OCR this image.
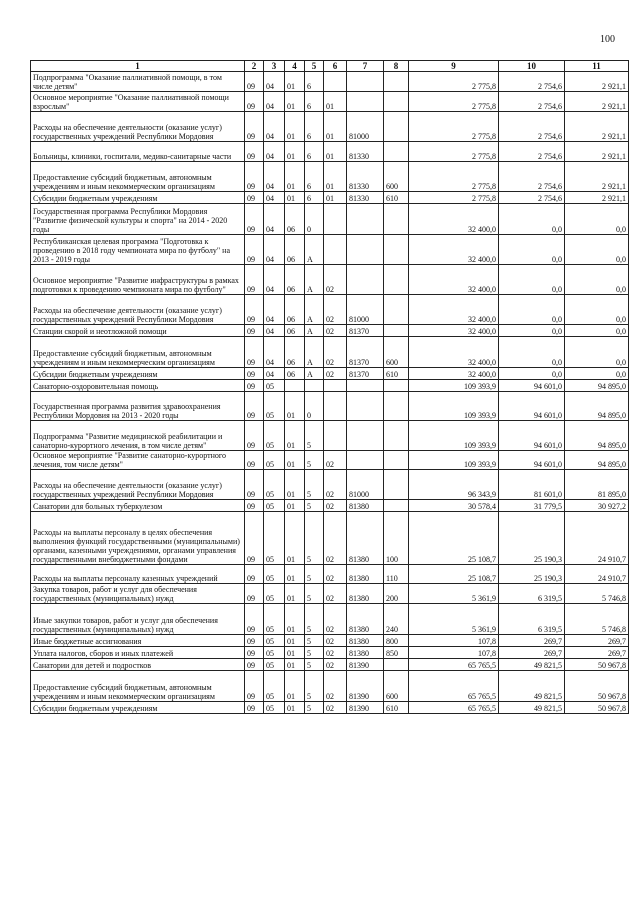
100
1	2	3	4	5	6	7	8	9	10	11
Подпрограмма "Оказание паллиативной помощи, в том числе детям"	09	04	01	6				2 775,8	2 754,6	2 921,1
Основное мероприятие "Оказание паллиативной помощи взрослым"	09	04	01	6	01			2 775,8	2 754,6	2 921,1
Расходы на обеспечение деятельности (оказание услуг) государственных учреждений Республики Мордовия	09	04	01	6	01	81000		2 775,8	2 754,6	2 921,1
Больницы, клиники, госпитали, медико-санитарные части	09	04	01	6	01	81330		2 775,8	2 754,6	2 921,1
Предоставление субсидий бюджетным, автономным учреждениям и иным некоммерческим организациям	09	04	01	6	01	81330	600	2 775,8	2 754,6	2 921,1
Субсидии бюджетным учреждениям	09	04	01	6	01	81330	610	2 775,8	2 754,6	2 921,1
Государственная программа Республики Мордовия "Развитие физической культуры и спорта" на 2014 - 2020 годы	09	04	06	0				32 400,0	0,0	0,0
Республиканская целевая программа "Подготовка к проведению в 2018 году чемпионата мира по футболу" на 2013 - 2019 годы	09	04	06	А				32 400,0	0,0	0,0
Основное мероприятие "Развитие инфраструктуры в рамках подготовки к проведению чемпионата мира по футболу"	09	04	06	А	02			32 400,0	0,0	0,0
Расходы на обеспечение деятельности (оказание услуг) государственных учреждений Республики Мордовия	09	04	06	А	02	81000		32 400,0	0,0	0,0
Станции скорой и неотложной помощи	09	04	06	А	02	81370		32 400,0	0,0	0,0
Предоставление субсидий бюджетным, автономным учреждениям и иным некоммерческим организациям	09	04	06	А	02	81370	600	32 400,0	0,0	0,0
Субсидии бюджетным учреждениям	09	04	06	А	02	81370	610	32 400,0	0,0	0,0
Санаторно-оздоровительная помощь	09	05						109 393,9	94 601,0	94 895,0
Государственная программа развития здравоохранения Республики Мордовия на 2013 - 2020 годы	09	05	01	0				109 393,9	94 601,0	94 895,0
Подпрограмма "Развитие медицинской реабилитации и санаторно-курортного лечения, в том числе детям"	09	05	01	5				109 393,9	94 601,0	94 895,0
Основное мероприятие "Развитие санаторно-курортного лечения, том числе детям"	09	05	01	5	02			109 393,9	94 601,0	94 895,0
Расходы на обеспечение деятельности (оказание услуг) государственных учреждений Республики Мордовия	09	05	01	5	02	81000		96 343,9	81 601,0	81 895,0
Санатории для больных туберкулезом	09	05	01	5	02	81380		30 578,4	31 779,5	30 927,2
Расходы на выплаты персоналу в целях обеспечения выполнения функций государственными (муниципальными) органами, казенными учреждениями, органами управления государственными внебюджетными фондами	09	05	01	5	02	81380	100	25 108,7	25 190,3	24 910,7
Расходы на выплаты персоналу казенных учреждений	09	05	01	5	02	81380	110	25 108,7	25 190,3	24 910,7
Закупка товаров, работ и услуг для обеспечения государственных (муниципальных) нужд	09	05	01	5	02	81380	200	5 361,9	6 319,5	5 746,8
Иные закупки товаров, работ и услуг для обеспечения государственных (муниципальных) нужд	09	05	01	5	02	81380	240	5 361,9	6 319,5	5 746,8
Иные бюджетные ассигнования	09	05	01	5	02	81380	800	107,8	269,7	269,7
Уплата налогов, сборов и иных платежей	09	05	01	5	02	81380	850	107,8	269,7	269,7
Санатории для детей и подростков	09	05	01	5	02	81390		65 765,5	49 821,5	50 967,8
Предоставление субсидий бюджетным, автономным учреждениям и иным некоммерческим организациям	09	05	01	5	02	81390	600	65 765,5	49 821,5	50 967,8
Субсидии бюджетным учреждениям	09	05	01	5	02	81390	610	65 765,5	49 821,5	50 967,8
